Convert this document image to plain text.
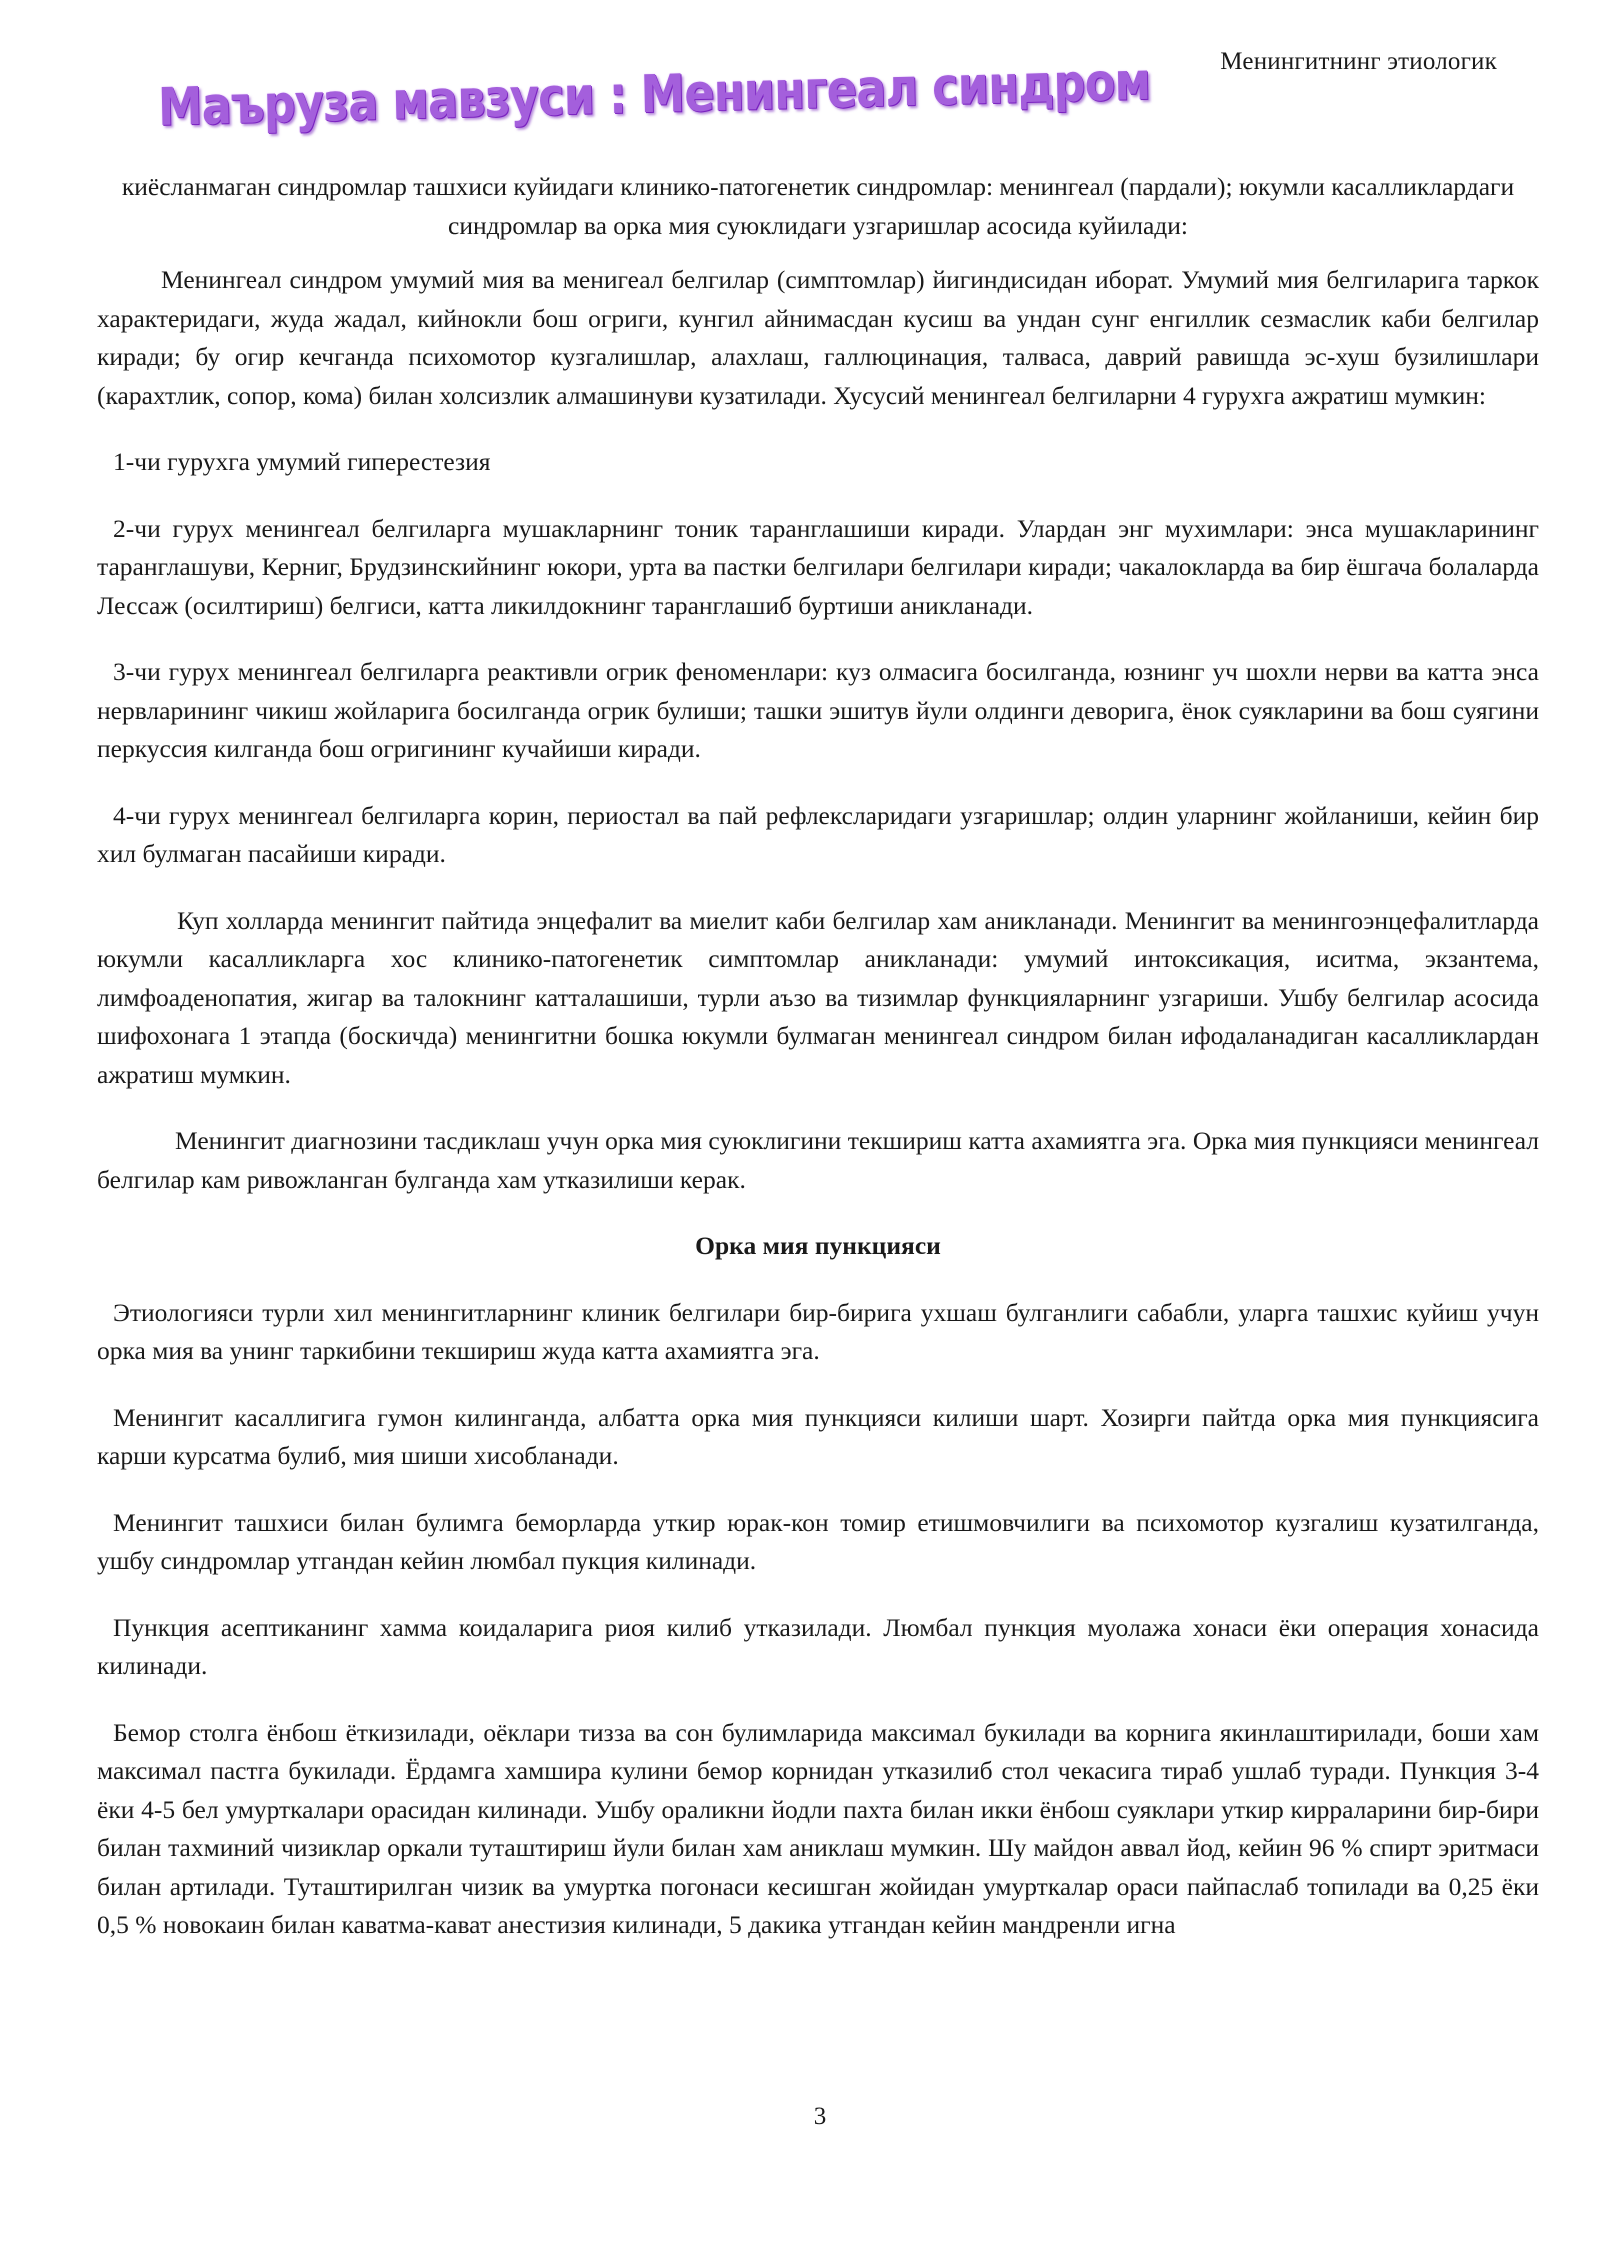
Менингитнинг этиологик
Маъруза мавзуси : Менингеал синдром

киёсланмаган синдромлар ташхиси куйидаги клинико-патогенетик синдромлар: менингеал (пардали); юкумли касалликлардаги синдромлар ва орка мия суюклидаги узгаришлар асосида куйилади:

Менингеал синдром умумий мия ва менигеал белгилар (симптомлар) йигиндисидан иборат. Умумий мия белгиларига таркок характеридаги, жуда жадал, кийнокли бош огриги, кунгил айнимасдан кусиш ва ундан сунг енгиллик сезмаслик каби белгилар киради; бу огир кечганда психомотор кузгалишлар, алахлаш, галлюцинация, талваса, даврий равишда эс-хуш бузилишлари (карахтлик, сопор, кома) билан холсизлик алмашинуви кузатилади. Хусусий менингеал белгиларни 4 гурухга ажратиш мумкин:

1-чи гурухга умумий гиперестезия

2-чи гурух менингеал белгиларга мушакларнинг тоник таранглашиши киради. Улардан энг мухимлари: энса мушакларининг таранглашуви, Керниг, Брудзинскийнинг юкори, урта ва пастки белгилари белгилари киради; чакалокларда ва бир ёшгача болаларда Лессаж (осилтириш) белгиси, катта ликилдокнинг таранглашиб буртиши аникланади.

3-чи гурух менингеал белгиларга реактивли огрик феноменлари: куз олмасига босилганда, юзнинг уч шохли нерви ва катта энса нервларининг чикиш жойларига босилганда огрик булиши; ташки эшитув йули олдинги деворига, ёнок суякларини ва бош суягини перкуссия килганда бош огригининг кучайиши киради.

4-чи гурух менингеал белгиларга корин, периостал ва пай рефлексларидаги узгаришлар; олдин уларнинг жойланиши, кейин бир хил булмаган пасайиши киради.

Куп холларда менингит пайтида энцефалит ва миелит каби белгилар хам аникланади. Менингит ва менингоэнцефалитларда юкумли касалликларга хос клинико-патогенетик симптомлар аникланади: умумий интоксикация, иситма, экзантема, лимфоаденопатия, жигар ва талокнинг катталашиши, турли аъзо ва тизимлар функцияларнинг узгариши. Ушбу белгилар асосида шифохонага 1 этапда (боскичда) менингитни бошка юкумли булмаган менингеал синдром билан ифодаланадиган касалликлардан ажратиш мумкин.

Менингит диагнозини тасдиклаш учун орка мия суюклигини текшириш катта ахамиятга эга. Орка мия пункцияси менингеал белгилар кам ривожланган булганда хам утказилиши керак.

Орка мия пункцияси

Этиологияси турли хил менингитларнинг клиник белгилари бир-бирига ухшаш булганлиги сабабли, уларга ташхис куйиш учун орка мия ва унинг таркибини текшириш жуда катта ахамиятга эга.

Менингит касаллигига гумон килинганда, албатта орка мия пункцияси килиши шарт. Хозирги пайтда орка мия пункциясига карши курсатма булиб, мия шиши хисобланади.

Менингит ташхиси билан булимга беморларда уткир юрак-кон томир етишмовчилиги ва психомотор кузгалиш кузатилганда, ушбу синдромлар утгандан кейин люмбал пукция килинади.

Пункция асептиканинг хамма коидаларига риоя килиб утказилади. Люмбал пункция муолажа хонаси ёки операция хонасида килинади.

Бемор столга ёнбош ёткизилади, оёклари тизза ва сон булимларида максимал букилади ва корнига якинлаштирилади, боши хам максимал пастга букилади. Ёрдамга хамшира кулини бемор корнидан утказилиб стол чекасига тираб ушлаб туради. Пункция 3-4 ёки 4-5 бел умурткалари орасидан килинади. Ушбу ораликни йодли пахта билан икки ёнбош суяклари уткир кирраларини бир-бири билан тахминий чизиклар оркали туташтириш йули билан хам аниклаш мумкин. Шу майдон аввал йод, кейин 96 % спирт эритмаси билан артилади. Туташтирилган чизик ва умуртка погонаси кесишган жойидан умурткалар ораси пайпаслаб топилади ва 0,25 ёки 0,5 % новокаин билан каватма-кават анестизия килинади, 5 дакика утгандан кейин мандренли игна

3
